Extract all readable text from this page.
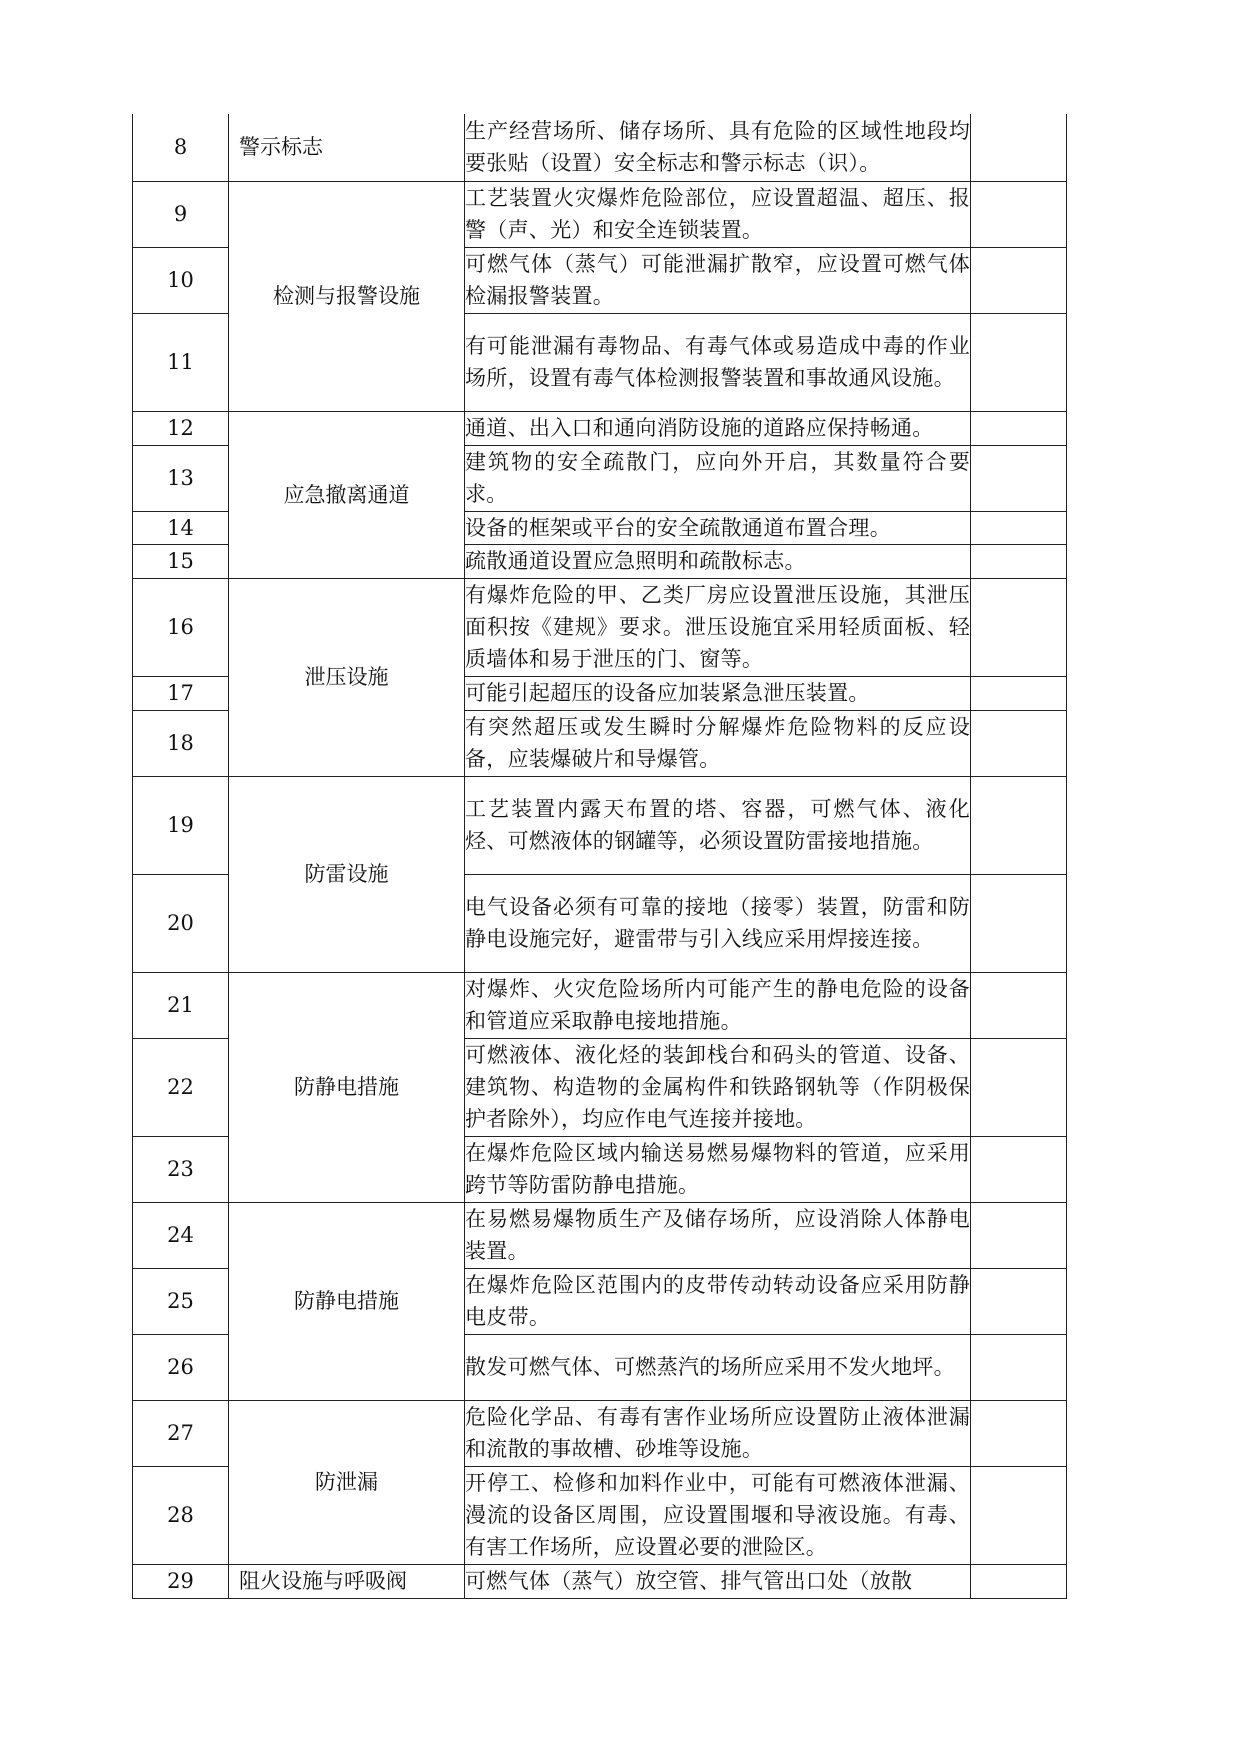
8	警示标志	生产经营场所、储存场所、具有危险的区域性地段均要张贴（设置）安全标志和警示标志（识）。	
9	检测与报警设施	工艺装置火灾爆炸危险部位，应设置超温、超压、报警（声、光）和安全连锁装置。	
10		可燃气体（蒸气）可能泄漏扩散窄，应设置可燃气体检漏报警装置。	
11		有可能泄漏有毒物品、有毒气体或易造成中毒的作业场所，设置有毒气体检测报警装置和事故通风设施。	
12	应急撤离通道	通道、出入口和通向消防设施的道路应保持畅通。	
13		建筑物的安全疏散门，应向外开启，其数量符合要求。	
14		设备的框架或平台的安全疏散通道布置合理。	
15		疏散通道设置应急照明和疏散标志。	
16	泄压设施	有爆炸危险的甲、乙类厂房应设置泄压设施，其泄压面积按《建规》要求。泄压设施宜采用轻质面板、轻质墙体和易于泄压的门、窗等。	
17		可能引起超压的设备应加装紧急泄压装置。	
18		有突然超压或发生瞬时分解爆炸危险物料的反应设备，应装爆破片和导爆管。	
19	防雷设施	工艺装置内露天布置的塔、容器，可燃气体、液化烃、可燃液体的钢罐等，必须设置防雷接地措施。	
20		电气设备必须有可靠的接地（接零）装置，防雷和防静电设施完好，避雷带与引入线应采用焊接连接。	
21	防静电措施	对爆炸、火灾危险场所内可能产生的静电危险的设备和管道应采取静电接地措施。	
22		可燃液体、液化烃的装卸栈台和码头的管道、设备、建筑物、构造物的金属构件和铁路钢轨等（作阴极保护者除外），均应作电气连接并接地。	
23		在爆炸危险区域内输送易燃易爆物料的管道，应采用跨节等防雷防静电措施。	
24	防静电措施	在易燃易爆物质生产及储存场所，应设消除人体静电装置。	
25		在爆炸危险区范围内的皮带传动转动设备应采用防静电皮带。	
26		散发可燃气体、可燃蒸汽的场所应采用不发火地坪。	
27	防泄漏	危险化学品、有毒有害作业场所应设置防止液体泄漏和流散的事故槽、砂堆等设施。	
28		开停工、检修和加料作业中，可能有可燃液体泄漏、漫流的设备区周围，应设置围堰和导液设施。有毒、有害工作场所，应设置必要的泄险区。	
29	阻火设施与呼吸阀	可燃气体（蒸气）放空管、排气管出口处（放散	
